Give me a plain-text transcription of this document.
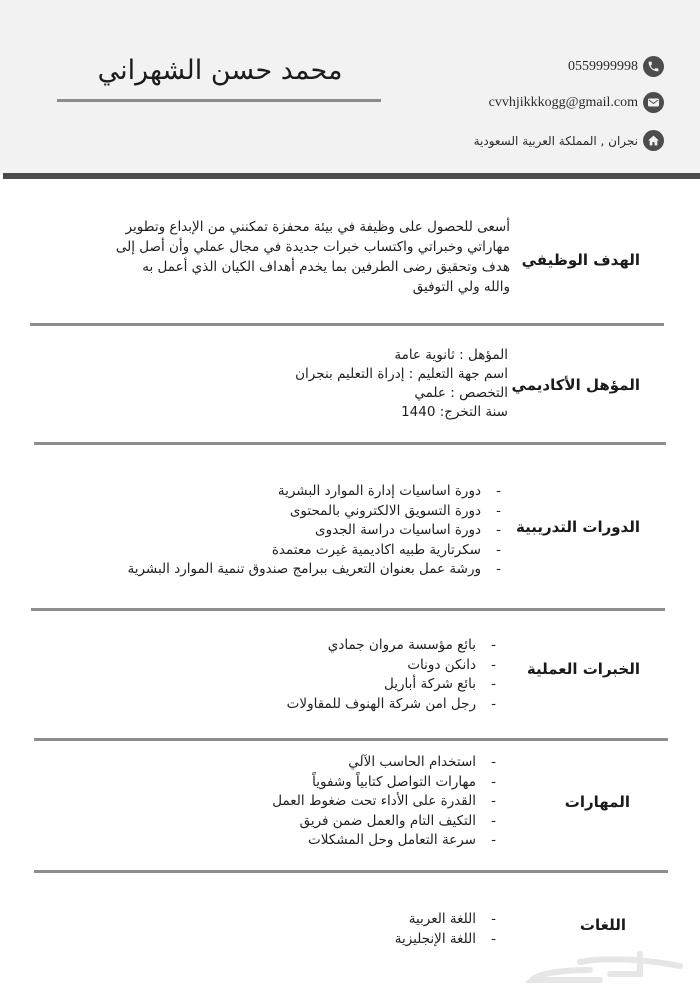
محمد حسن الشهراني	0559999998
cvvhjikkkogg@gmail.com
نجران , المملكة العربية السعودية
الهدف الوظيفي
أسعى للحصول على وظيفة في بيئة محفزة تمكنني من الإبداع وتطوير
مهاراتي وخبراتي واكتساب خبرات جديدة في مجال عملي وأن أصل إلى
هدف وتحقيق رضى الطرفين بما يخدم أهداف الكيان الذي أعمل به
والله ولي التوفيق
المؤهل الأكاديمي
المؤهل : ثانوية عامة
اسم جهة التعليم : إدراة التعليم بنجران
التخصص : علمي
سنة التخرج: 1440
الدورات التدريبية
- دورة اساسيات إدارة الموارد البشرية
- دورة التسويق الالكتروني بالمحتوى
- دورة اساسيات دراسة الجدوى
- سكرتارية طبيه اكاديمية غيرت معتمدة
- ورشة عمل بعنوان التعريف ببرامج صندوق تنمية الموارد البشرية
الخبرات العملية
- بائع مؤسسة مروان جمادي
- دانكن دونات
- بائع شركة أباريل
- رجل امن شركة الهنوف للمقاولات
المهارات
- استخدام الحاسب الآلي
- مهارات التواصل كتابياً وشفوياً
- القدرة على الأداء تحت ضغوط العمل
- التكيف التام والعمل ضمن فريق
- سرعة التعامل وحل المشكلات
اللغات
- اللغة العربية
- اللغة الإنجليزية
